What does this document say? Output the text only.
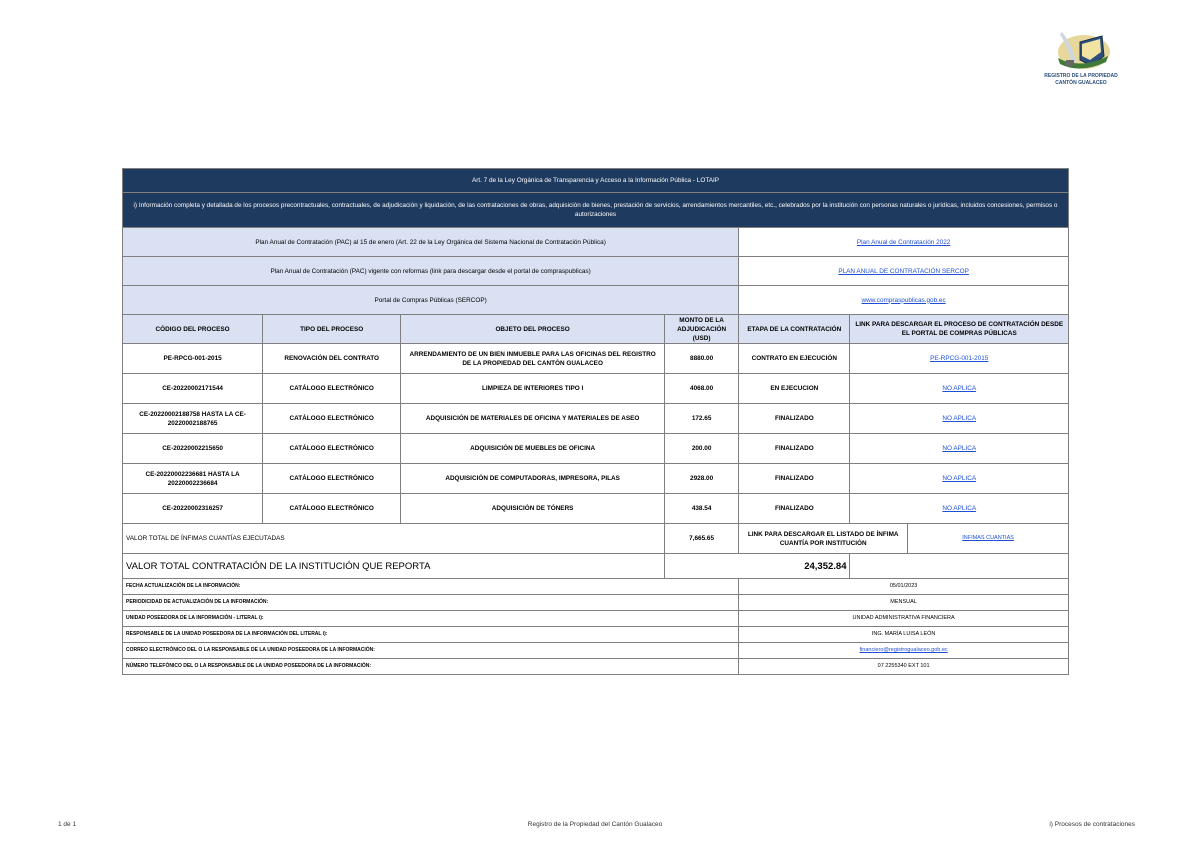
REGISTRO DE LA PROPIEDAD
CANTÓN GUALACEO
Art. 7 de la Ley Orgánica de Transparencia y Acceso a la Información Pública - LOTAIP						
i) Información completa y detallada de los procesos precontractuales, contractuales, de adjudicación y liquidación, de las contrataciones de obras, adquisición de bienes, prestación de servicios, arrendamientos mercantiles, etc., celebrados por la institución con personas naturales o jurídicas, incluidos concesiones, permisos o autorizaciones						
Plan Anual de Contratación (PAC) al 15 de enero (Art. 22 de la Ley Orgánica del Sistema Nacional de Contratación Pública)				Plan Anual de Contratación 2022		
Plan Anual de Contratación (PAC) vigente con reformas (link para descargar desde el portal de compraspublicas)				PLAN ANUAL DE CONTRATACIÓN SERCOP		
Portal de Compras Públicas (SERCOP)				www.compraspublicas.gob.ec		
CÓDIGO DEL PROCESO	TIPO DEL PROCESO	OBJETO DEL PROCESO	MONTO DE LA ADJUDICACIÓN (USD)	ETAPA DE LA CONTRATACIÓN	LINK PARA DESCARGAR EL PROCESO DE CONTRATACIÓN DESDE EL PORTAL DE COMPRAS PÚBLICAS	
PE-RPCG-001-2015	RENOVACIÓN DEL CONTRATO	ARRENDAMIENTO DE UN BIEN INMUEBLE PARA LAS OFICINAS DEL REGISTRO DE LA PROPIEDAD DEL CANTÓN GUALACEO	8880.00	CONTRATO EN EJECUCIÓN	PE-RPCG-001-2015	
CE-20220002171544	CATÁLOGO ELECTRÓNICO	LIMPIEZA DE INTERIORES TIPO I	4068.00	EN EJECUCION	NO APLICA	
CE-20220002188758 HASTA LA CE-20220002188765	CATÁLOGO ELECTRÓNICO	ADQUISICIÓN DE MATERIALES DE OFICINA Y MATERIALES DE ASEO	172.65	FINALIZADO	NO APLICA	
CE-20220002215650	CATÁLOGO ELECTRÓNICO	ADQUISICIÓN DE MUEBLES DE OFICINA	200.00	FINALIZADO	NO APLICA	
CE-20220002236681 HASTA LA 20220002236684	CATÁLOGO ELECTRÓNICO	ADQUISICIÓN DE COMPUTADORAS, IMPRESORA, PILAS	2928.00	FINALIZADO	NO APLICA	
CE-20220002316257	CATÁLOGO ELECTRÓNICO	ADQUISICIÓN DE TÓNERS	438.54	FINALIZADO	NO APLICA	
VALOR TOTAL DE ÍNFIMAS CUANTÍAS EJECUTADAS			7,665.65	LINK PARA DESCARGAR EL LISTADO DE ÍNFIMA CUANTÍA POR INSTITUCIÓN		INFIMAS CUANTIAS
VALOR TOTAL CONTRATACIÓN DE LA INSTITUCIÓN QUE REPORTA			24,352.84			
FECHA ACTUALIZACIÓN DE LA INFORMACIÓN:				05/01/2023		
PERIODICIDAD DE ACTUALIZACIÓN DE LA INFORMACIÓN:				MENSUAL		
UNIDAD POSEEDORA DE LA INFORMACIÓN - LITERAL i):				UNIDAD ADMINISTRATIVA FINANCIERA		
RESPONSABLE DE LA UNIDAD POSEEDORA DE LA INFORMACIÓN DEL LITERAL i):				ING. MARÍA LUISA LEÓN		
CORREO ELECTRÓNICO DEL O LA RESPONSABLE DE LA UNIDAD POSEEDORA DE LA INFORMACIÓN:				financiero@registrogualaceo.gob.ec		
NÚMERO TELEFÓNICO DEL O LA RESPONSABLE DE LA UNIDAD POSEEDORA DE LA INFORMACIÓN:				07 2255340 EXT 101		
1 de 1	Registro de la Propiedad del Cantón Gualaceo	i) Procesos de contrataciones
